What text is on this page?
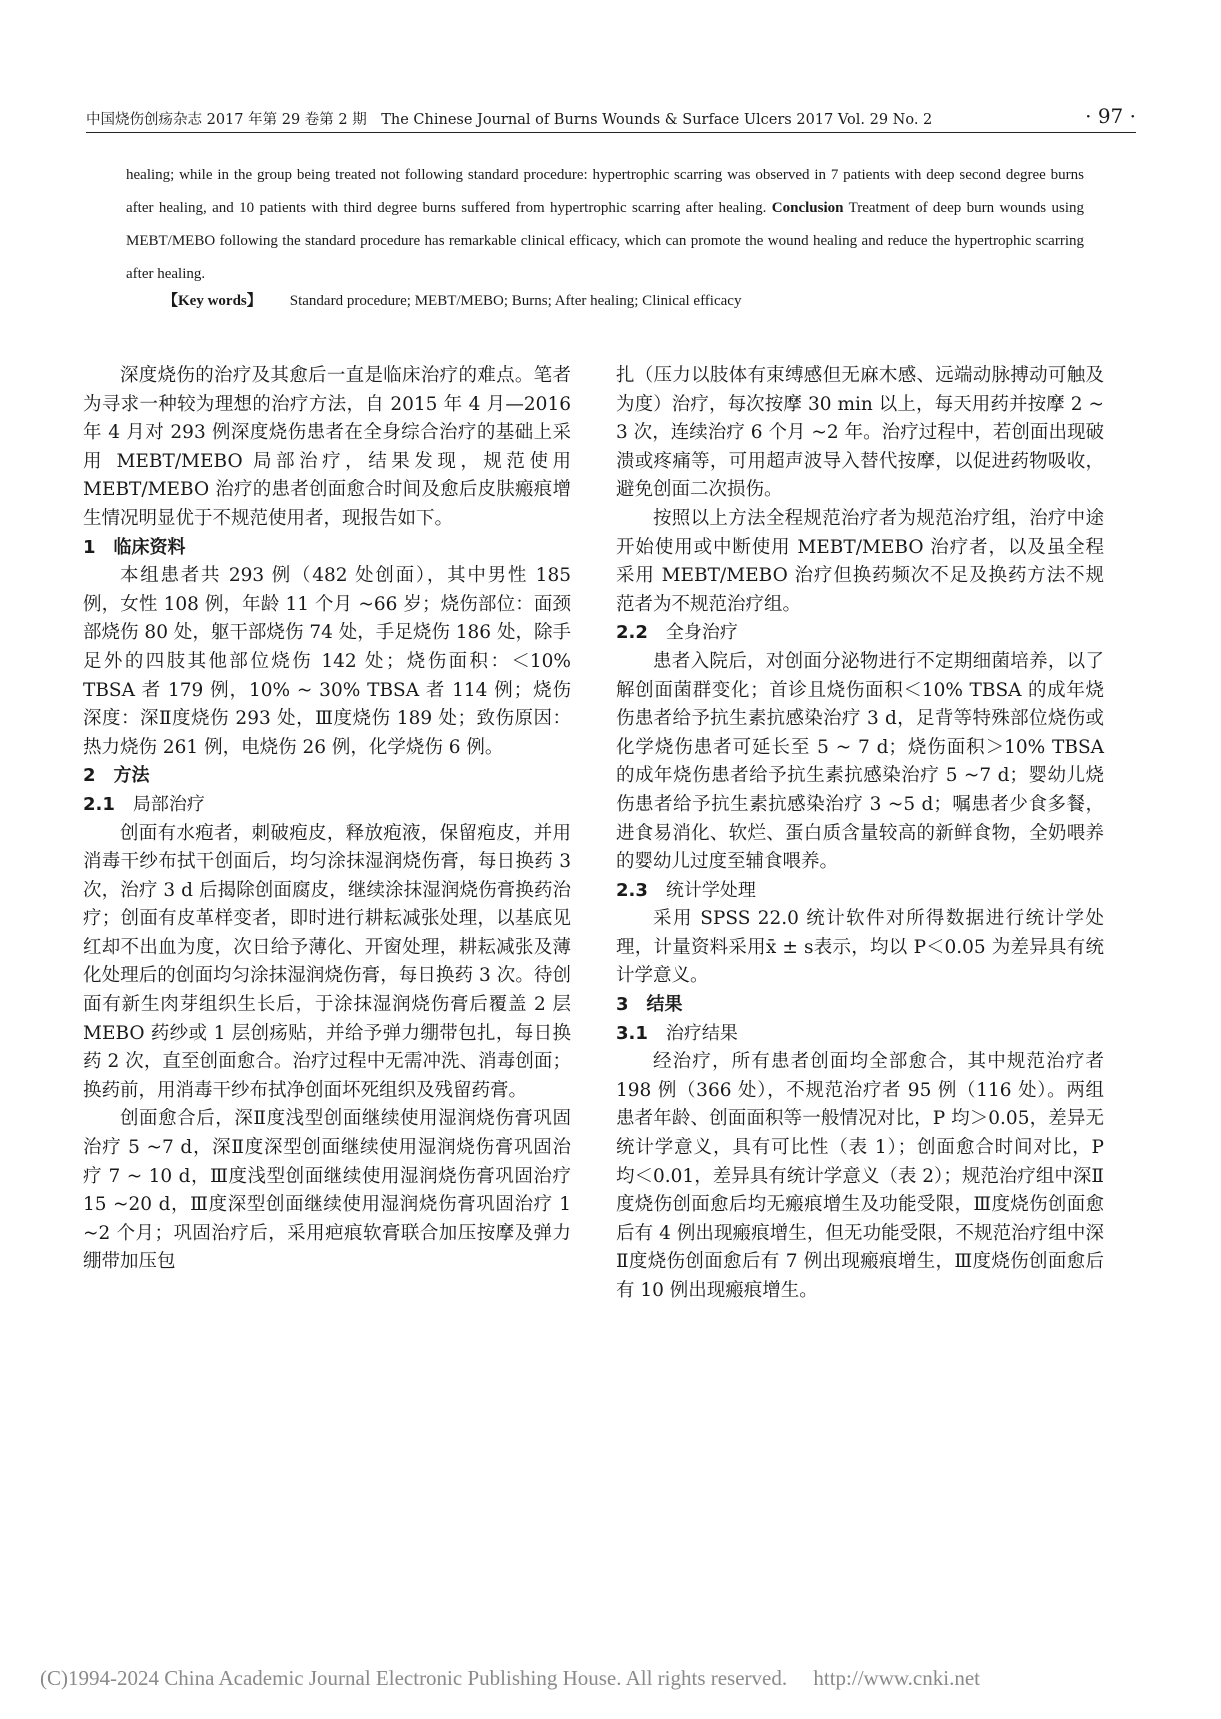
中国烧伤创疡杂志 2017 年第 29 卷第 2 期　The Chinese Journal of Burns Wounds & Surface Ulcers 2017 Vol. 29 No. 2	· 97 ·

healing; while in the group being treated not following standard procedure: hypertrophic scarring was observed in 7 patients with deep second degree burns after healing, and 10 patients with third degree burns suffered from hypertrophic scarring after healing. Conclusion Treatment of deep burn wounds using MEBT/MEBO following the standard procedure has remarkable clinical efficacy, which can promote the wound healing and reduce the hypertrophic scarring after healing.

【Key words】 Standard procedure; MEBT/MEBO; Burns; After healing; Clinical efficacy

深度烧伤的治疗及其愈后一直是临床治疗的难点。笔者为寻求一种较为理想的治疗方法，自 2015 年 4 月—2016 年 4 月对 293 例深度烧伤患者在全身综合治疗的基础上采用 MEBT/MEBO 局部治疗，结果发现，规范使用 MEBT/MEBO 治疗的患者创面愈合时间及愈后皮肤瘢痕增生情况明显优于不规范使用者，现报告如下。

1　临床资料

本组患者共 293 例（482 处创面），其中男性 185 例，女性 108 例，年龄 11 个月 ~66 岁；烧伤部位：面颈部烧伤 80 处，躯干部烧伤 74 处，手足烧伤 186 处，除手足外的四肢其他部位烧伤 142 处；烧伤面积：＜10% TBSA 者 179 例，10% ~ 30% TBSA 者 114 例；烧伤深度：深Ⅱ度烧伤 293 处，Ⅲ度烧伤 189 处；致伤原因：热力烧伤 261 例，电烧伤 26 例，化学烧伤 6 例。

2　方法

2.1　 局部治疗

创面有水疱者，刺破疱皮，释放疱液，保留疱皮，并用消毒干纱布拭干创面后，均匀涂抹湿润烧伤膏，每日换药 3 次，治疗 3 d 后揭除创面腐皮，继续涂抹湿润烧伤膏换药治疗；创面有皮革样变者，即时进行耕耘减张处理，以基底见红却不出血为度，次日给予薄化、开窗处理，耕耘减张及薄化处理后的创面均匀涂抹湿润烧伤膏，每日换药 3 次。待创面有新生肉芽组织生长后，于涂抹湿润烧伤膏后覆盖 2 层 MEBO 药纱或 1 层创疡贴，并给予弹力绷带包扎，每日换药 2 次，直至创面愈合。治疗过程中无需冲洗、消毒创面；换药前，用消毒干纱布拭净创面坏死组织及残留药膏。

创面愈合后，深Ⅱ度浅型创面继续使用湿润烧伤膏巩固治疗 5 ~7 d，深Ⅱ度深型创面继续使用湿润烧伤膏巩固治疗 7 ~ 10 d，Ⅲ度浅型创面继续使用湿润烧伤膏巩固治疗 15 ~20 d，Ⅲ度深型创面继续使用湿润烧伤膏巩固治疗 1 ~2 个月；巩固治疗后，采用疤痕软膏联合加压按摩及弹力绷带加压包

扎（压力以肢体有束缚感但无麻木感、远端动脉搏动可触及为度）治疗，每次按摩 30 min 以上，每天用药并按摩 2 ~ 3 次，连续治疗 6 个月 ~2 年。治疗过程中，若创面出现破溃或疼痛等，可用超声波导入替代按摩，以促进药物吸收，避免创面二次损伤。

按照以上方法全程规范治疗者为规范治疗组，治疗中途开始使用或中断使用 MEBT/MEBO 治疗者，以及虽全程采用 MEBT/MEBO 治疗但换药频次不足及换药方法不规范者为不规范治疗组。

2.2　 全身治疗

患者入院后，对创面分泌物进行不定期细菌培养，以了解创面菌群变化；首诊且烧伤面积＜10% TBSA 的成年烧伤患者给予抗生素抗感染治疗 3 d，足背等特殊部位烧伤或化学烧伤患者可延长至 5 ~ 7 d；烧伤面积＞10% TBSA 的成年烧伤患者给予抗生素抗感染治疗 5 ~7 d；婴幼儿烧伤患者给予抗生素抗感染治疗 3 ~5 d；嘱患者少食多餐，进食易消化、软烂、蛋白质含量较高的新鲜食物，全奶喂养的婴幼儿过度至辅食喂养。

2.3　 统计学处理

采用 SPSS 22.0 统计软件对所得数据进行统计学处理，计量资料采用x̄ ± s表示，均以 P＜0.05 为差异具有统计学意义。

3　结果

3.1　 治疗结果

经治疗，所有患者创面均全部愈合，其中规范治疗者 198 例（366 处），不规范治疗者 95 例（116 处）。两组患者年龄、创面面积等一般情况对比，P 均＞0.05，差异无统计学意义，具有可比性（表 1）；创面愈合时间对比，P 均＜0.01，差异具有统计学意义（表 2）；规范治疗组中深Ⅱ度烧伤创面愈后均无瘢痕增生及功能受限，Ⅲ度烧伤创面愈后有 4 例出现瘢痕增生，但无功能受限，不规范治疗组中深Ⅱ度烧伤创面愈后有 7 例出现瘢痕增生，Ⅲ度烧伤创面愈后有 10 例出现瘢痕增生。

(C)1994-2024 China Academic Journal Electronic Publishing House. All rights reserved.　 http://www.cnki.net
